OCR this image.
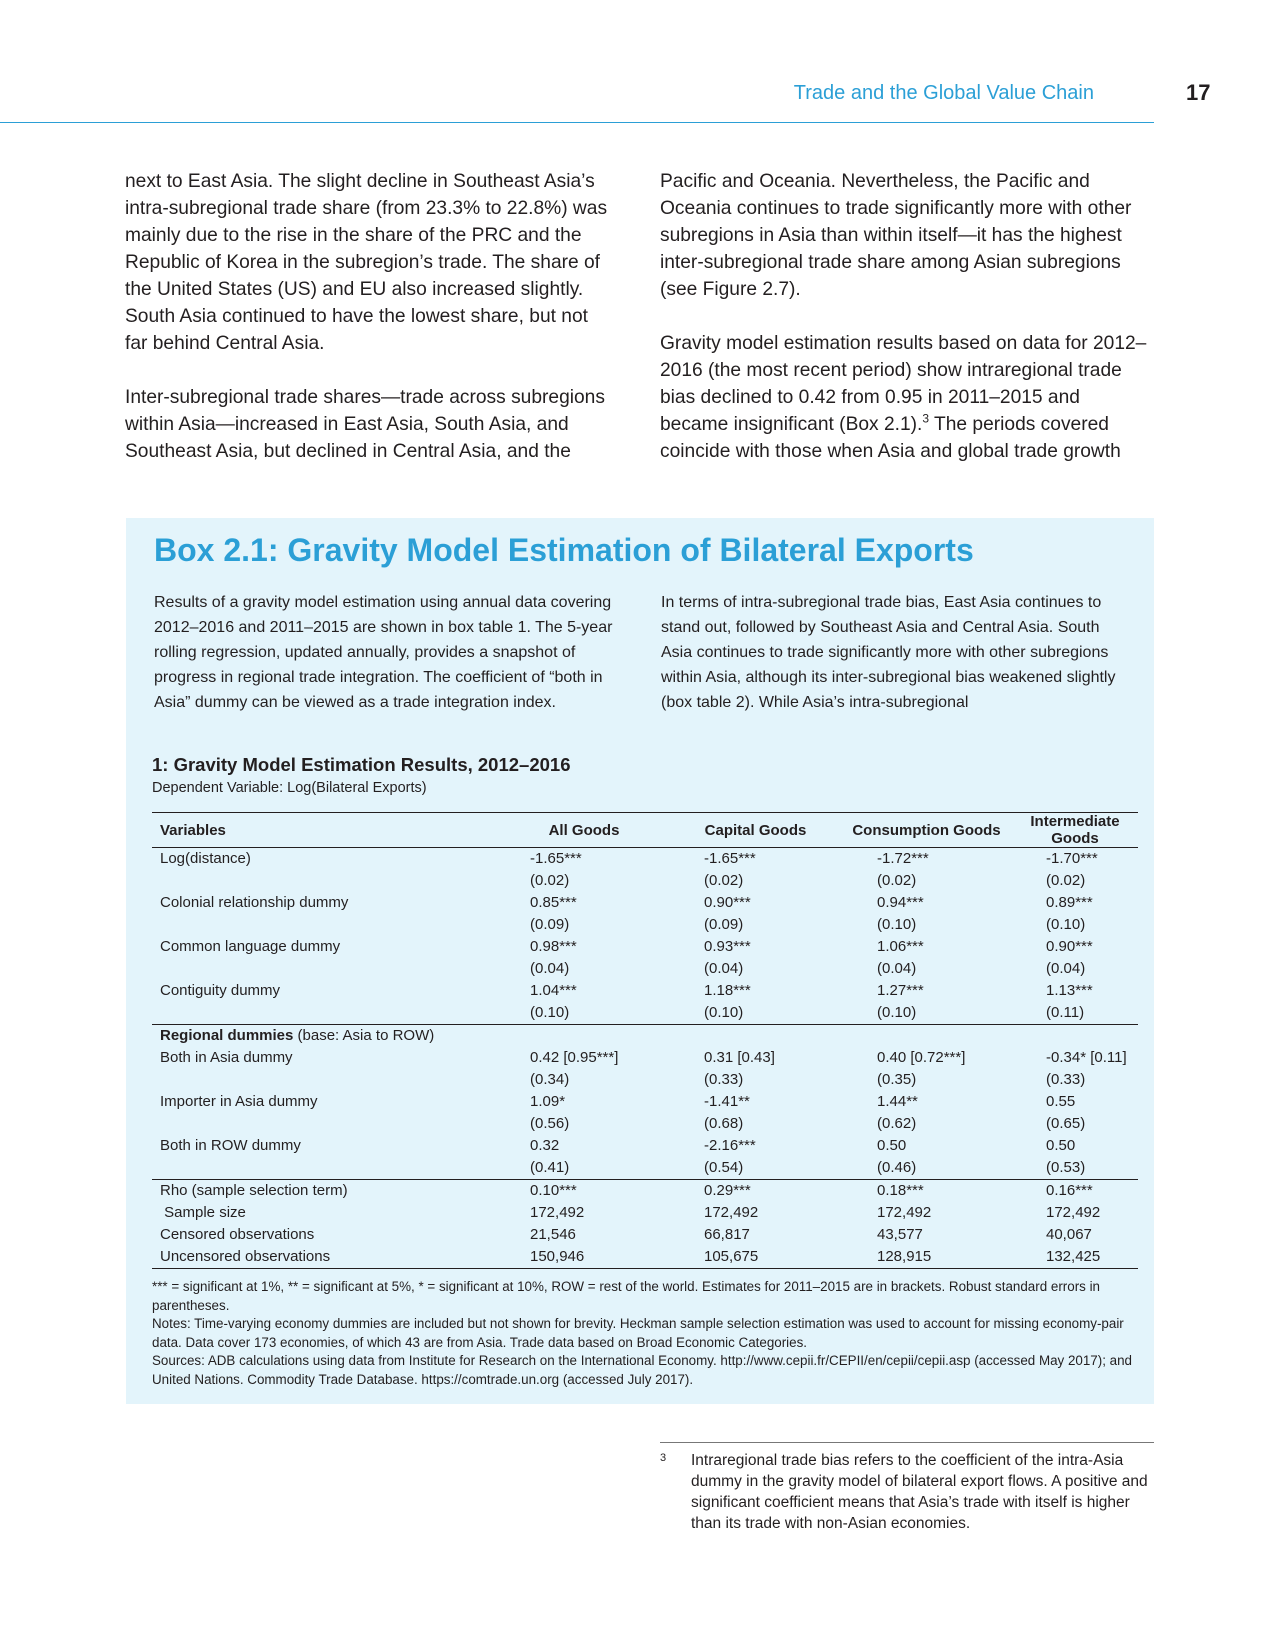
Trade and the Global Value Chain	17

next to East Asia. The slight decline in Southeast Asia’s intra-subregional trade share (from 23.3% to 22.8%) was mainly due to the rise in the share of the PRC and the Republic of Korea in the subregion’s trade. The share of the United States (US) and EU also increased slightly. South Asia continued to have the lowest share, but not far behind Central Asia.

Inter-subregional trade shares—trade across subregions within Asia—increased in East Asia, South Asia, and Southeast Asia, but declined in Central Asia, and the

Pacific and Oceania. Nevertheless, the Pacific and Oceania continues to trade significantly more with other subregions in Asia than within itself—it has the highest inter-subregional trade share among Asian subregions (see Figure 2.7).

Gravity model estimation results based on data for 2012–2016 (the most recent period) show intraregional trade bias declined to 0.42 from 0.95 in 2011–2015 and became insignificant (Box 2.1).$^3$ The periods covered coincide with those when Asia and global trade growth

Box 2.1: Gravity Model Estimation of Bilateral Exports

Results of a gravity model estimation using annual data covering 2012–2016 and 2011–2015 are shown in box table 1. The 5-year rolling regression, updated annually, provides a snapshot of progress in regional trade integration. The coefficient of “both in Asia” dummy can be viewed as a trade integration index.

In terms of intra-subregional trade bias, East Asia continues to stand out, followed by Southeast Asia and Central Asia. South Asia continues to trade significantly more with other subregions within Asia, although its inter-subregional bias weakened slightly (box table 2). While Asia’s intra-subregional

1: Gravity Model Estimation Results, 2012–2016
Dependent Variable: Log(Bilateral Exports)
Variables	All Goods	Capital Goods	Consumption Goods	Intermediate Goods
Log(distance)	-1.65***	-1.65***	-1.72***	-1.70***
	(0.02)	(0.02)	(0.02)	(0.02)
Colonial relationship dummy	0.85***	0.90***	0.94***	0.89***
	(0.09)	(0.09)	(0.10)	(0.10)
Common language dummy	0.98***	0.93***	1.06***	0.90***
	(0.04)	(0.04)	(0.04)	(0.04)
Contiguity dummy	1.04***	1.18***	1.27***	1.13***
	(0.10)	(0.10)	(0.10)	(0.11)
Regional dummies (base: Asia to ROW)				
Both in Asia dummy	0.42 [0.95***]	0.31 [0.43]	0.40 [0.72***]	-0.34* [0.11]
	(0.34)	(0.33)	(0.35)	(0.33)
Importer in Asia dummy	1.09*	-1.41**	1.44**	0.55
	(0.56)	(0.68)	(0.62)	(0.65)
Both in ROW dummy	0.32	-2.16***	0.50	0.50
	(0.41)	(0.54)	(0.46)	(0.53)
Rho (sample selection term)	0.10***	0.29***	0.18***	0.16***
Sample size	172,492	172,492	172,492	172,492
Censored observations	21,546	66,817	43,577	40,067
Uncensored observations	150,946	105,675	128,915	132,425

*** = significant at 1%, ** = significant at 5%, * = significant at 10%, ROW = rest of the world. Estimates for 2011–2015 are in brackets. Robust standard errors in parentheses.

Notes: Time-varying economy dummies are included but not shown for brevity. Heckman sample selection estimation was used to account for missing economy-pair data. Data cover 173 economies, of which 43 are from Asia. Trade data based on Broad Economic Categories.

Sources: ADB calculations using data from Institute for Research on the International Economy. http://www.cepii.fr/CEPII/en/cepii/cepii.asp (accessed May 2017); and United Nations. Commodity Trade Database. https://comtrade.un.org (accessed July 2017).

3 Intraregional trade bias refers to the coefficient of the intra-Asia dummy in the gravity model of bilateral export flows. A positive and significant coefficient means that Asia’s trade with itself is higher than its trade with non-Asian economies.
